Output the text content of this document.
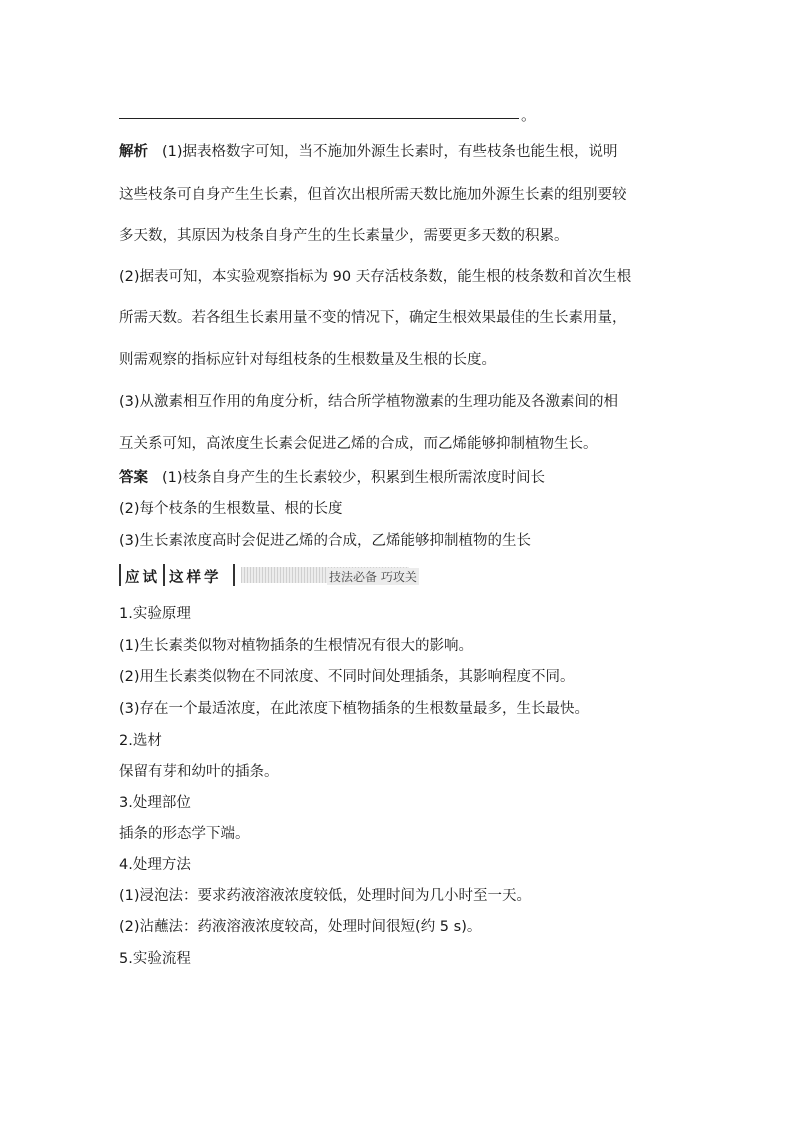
。
解析 (1)据表格数字可知，当不施加外源生长素时，有些枝条也能生根，说明
这些枝条可自身产生生长素，但首次出根所需天数比施加外源生长素的组别要较
多天数，其原因为枝条自身产生的生长素量少，需要更多天数的积累。
(2)据表可知，本实验观察指标为 90 天存活枝条数，能生根的枝条数和首次生根
所需天数。若各组生长素用量不变的情况下，确定生根效果最佳的生长素用量，
则需观察的指标应针对每组枝条的生根数量及生根的长度。
(3)从激素相互作用的角度分析，结合所学植物激素的生理功能及各激素间的相
互关系可知，高浓度生长素会促进乙烯的合成，而乙烯能够抑制植物生长。
答案 (1)枝条自身产生的生长素较少，积累到生根所需浓度时间长
(2)每个枝条的生根数量、根的长度
(3)生长素浓度高时会促进乙烯的合成，乙烯能够抑制植物的生长
应试 这样学	技法必备 巧攻关
1.实验原理
(1)生长素类似物对植物插条的生根情况有很大的影响。
(2)用生长素类似物在不同浓度、不同时间处理插条，其影响程度不同。
(3)存在一个最适浓度，在此浓度下植物插条的生根数量最多，生长最快。
2.选材
保留有芽和幼叶的插条。
3.处理部位
插条的形态学下端。
4.处理方法
(1)浸泡法：要求药液溶液浓度较低，处理时间为几小时至一天。
(2)沾蘸法：药液溶液浓度较高，处理时间很短(约 5 s)。
5.实验流程
